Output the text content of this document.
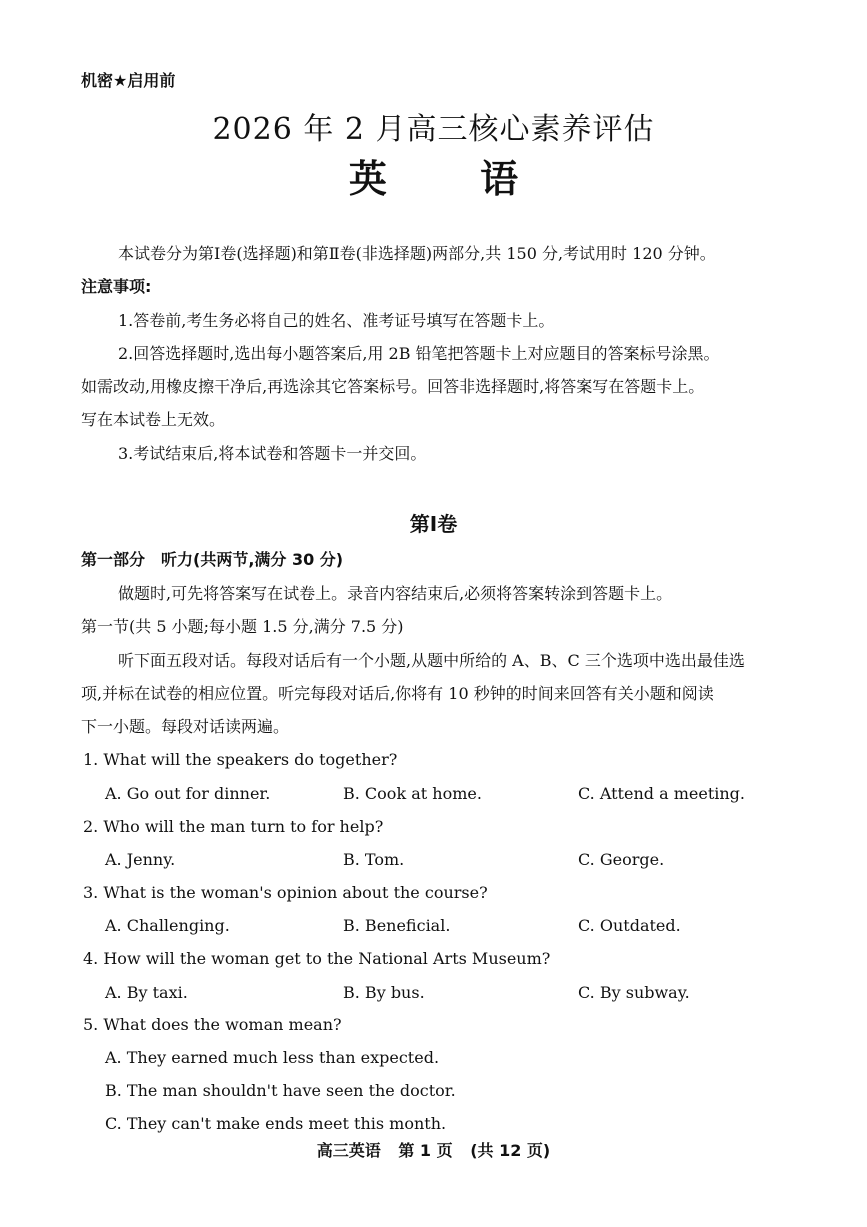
机密★启用前
2026 年 2 月高三核心素养评估
英 语
本试卷分为第Ⅰ卷(选择题)和第Ⅱ卷(非选择题)两部分,共 150 分,考试用时 120 分钟。
注意事项:
1.答卷前,考生务必将自己的姓名、准考证号填写在答题卡上。
2.回答选择题时,选出每小题答案后,用 2B 铅笔把答题卡上对应题目的答案标号涂黑。
如需改动,用橡皮擦干净后,再选涂其它答案标号。回答非选择题时,将答案写在答题卡上。
写在本试卷上无效。
3.考试结束后,将本试卷和答题卡一并交回。
第Ⅰ卷
第一部分　听力(共两节,满分 30 分)
做题时,可先将答案写在试卷上。录音内容结束后,必须将答案转涂到答题卡上。
第一节(共 5 小题;每小题 1.5 分,满分 7.5 分)
听下面五段对话。每段对话后有一个小题,从题中所给的 A、B、C 三个选项中选出最佳选
项,并标在试卷的相应位置。听完每段对话后,你将有 10 秒钟的时间来回答有关小题和阅读
下一小题。每段对话读两遍。
1. What will the speakers do together?
A. Go out for dinner.	B. Cook at home.	C. Attend a meeting.
2. Who will the man turn to for help?
A. Jenny.	B. Tom.	C. George.
3. What is the woman's opinion about the course?
A. Challenging.	B. Beneficial.	C. Outdated.
4. How will the woman get to the National Arts Museum?
A. By taxi.	B. By bus.	C. By subway.
5. What does the woman mean?
A. They earned much less than expected.
B. The man shouldn't have seen the doctor.
C. They can't make ends meet this month.
高三英语 第 1 页 (共 12 页)
